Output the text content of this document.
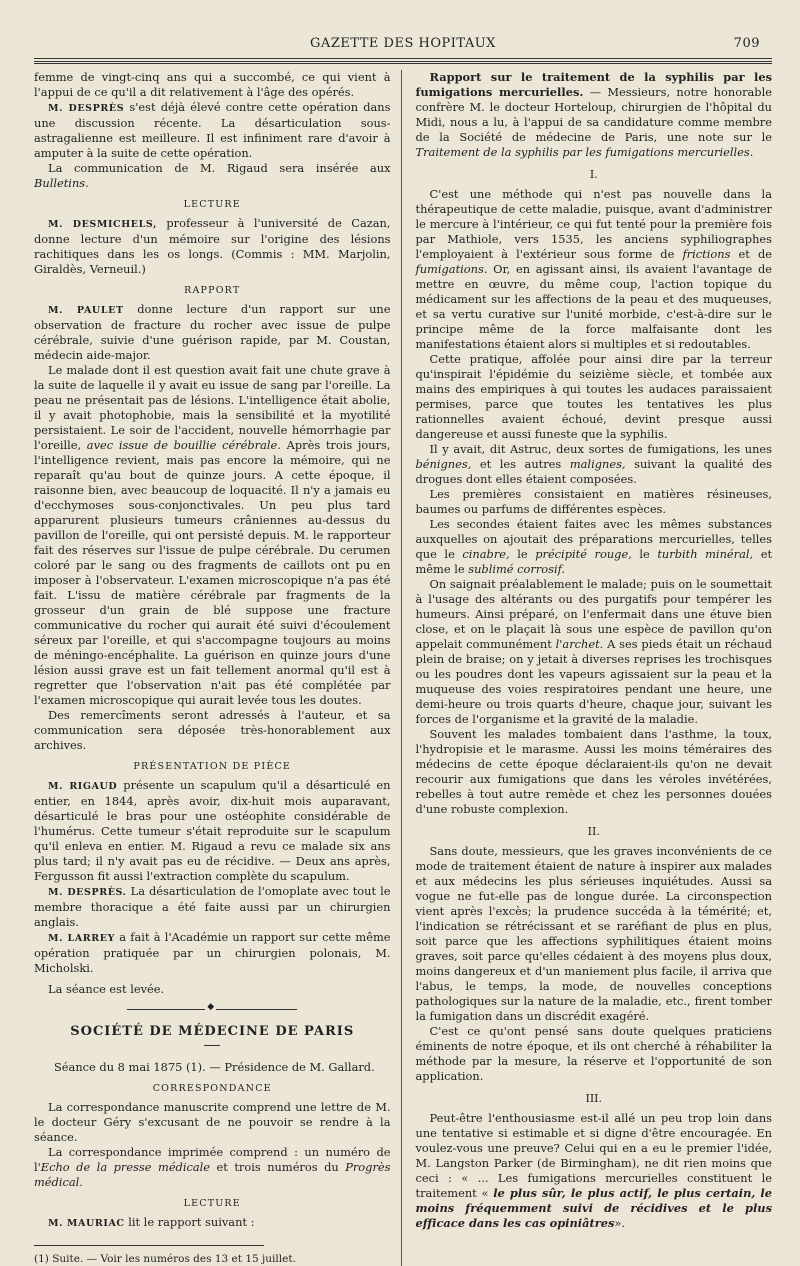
GAZETTE DES HOPITAUX	709

femme de vingt-cinq ans qui a succombé, ce qui vient à l'appui de ce qu'il a dit relativement à l'âge des opérés.

M. DESPRÈS s'est déjà élevé contre cette opération dans une discussion récente. La désarticulation sous-astragalienne est meilleure. Il est infiniment rare d'avoir à amputer à la suite de cette opération.

La communication de M. Rigaud sera insérée aux Bulletins.

LECTURE

M. DESMICHELS, professeur à l'université de Cazan, donne lecture d'un mémoire sur l'origine des lésions rachitiques dans les os longs. (Commis : MM. Marjolin, Giraldès, Verneuil.)

RAPPORT

M. PAULET donne lecture d'un rapport sur une observation de fracture du rocher avec issue de pulpe cérébrale, suivie d'une guérison rapide, par M. Coustan, médecin aide-major.

Le malade dont il est question avait fait une chute grave à la suite de laquelle il y avait eu issue de sang par l'oreille. La peau ne présentait pas de lésions. L'intelligence était abolie, il y avait photophobie, mais la sensibilité et la myotilité persistaient. Le soir de l'accident, nouvelle hémorrhagie par l'oreille, avec issue de bouillie cérébrale. Après trois jours, l'intelligence revient, mais pas encore la mémoire, qui ne reparaît qu'au bout de quinze jours. A cette époque, il raisonne bien, avec beaucoup de loquacité. Il n'y a jamais eu d'ecchymoses sous-conjonctivales. Un peu plus tard apparurent plusieurs tumeurs crâniennes au-dessus du pavillon de l'oreille, qui ont persisté depuis. M. le rapporteur fait des réserves sur l'issue de pulpe cérébrale. Du cerumen coloré par le sang ou des fragments de caillots ont pu en imposer à l'observateur. L'examen microscopique n'a pas été fait. L'issu de matière cérébrale par fragments de la grosseur d'un grain de blé suppose une fracture communicative du rocher qui aurait été suivi d'écoulement séreux par l'oreille, et qui s'accompagne toujours au moins de méningo-encéphalite. La guérison en quinze jours d'une lésion aussi grave est un fait tellement anormal qu'il est à regretter que l'observation n'ait pas été complétée par l'examen microscopique qui aurait levée tous les doutes.

Des remercîments seront adressés à l'auteur, et sa communication sera déposée très-honorablement aux archives.

PRÉSENTATION DE PIÈCE

M. RIGAUD présente un scapulum qu'il a désarticulé en entier, en 1844, après avoir, dix-huit mois auparavant, désarticulé le bras pour une ostéophite considérable de l'humérus. Cette tumeur s'était reproduite sur le scapulum qu'il enleva en entier. M. Rigaud a revu ce malade six ans plus tard; il n'y avait pas eu de récidive. — Deux ans après, Fergusson fit aussi l'extraction complète du scapulum.

M. DESPRÈS. La désarticulation de l'omoplate avec tout le membre thoracique a été faite aussi par un chirurgien anglais.

M. LARREY a fait à l'Académie un rapport sur cette même opération pratiquée par un chirurgien polonais, M. Micholski.

La séance est levée.

◆
SOCIÉTÉ DE MÉDECINE DE PARIS

Séance du 8 mai 1875 (1). — Présidence de M. Gallard.

CORRESPONDANCE

La correspondance manuscrite comprend une lettre de M. le docteur Géry s'excusant de ne pouvoir se rendre à la séance.

La correspondance imprimée comprend : un numéro de l'Echo de la presse médicale et trois numéros du Progrès médical.

LECTURE

M. MAURIAC lit le rapport suivant :

(1) Suite. — Voir les numéros des 13 et 15 juillet.

Rapport sur le traitement de la syphilis par les fumigations mercurielles. — Messieurs, notre honorable confrère M. le docteur Horteloup, chirurgien de l'hôpital du Midi, nous a lu, à l'appui de sa candidature comme membre de la Société de médecine de Paris, une note sur le Traitement de la syphilis par les fumigations mercurielles.

I.

C'est une méthode qui n'est pas nouvelle dans la thérapeutique de cette maladie, puisque, avant d'administrer le mercure à l'intérieur, ce qui fut tenté pour la première fois par Mathiole, vers 1535, les anciens syphiliographes l'employaient à l'extérieur sous forme de frictions et de fumigations. Or, en agissant ainsi, ils avaient l'avantage de mettre en œuvre, du même coup, l'action topique du médicament sur les affections de la peau et des muqueuses, et sa vertu curative sur l'unité morbide, c'est-à-dire sur le principe même de la force malfaisante dont les manifestations étaient alors si multiples et si redoutables.

Cette pratique, affolée pour ainsi dire par la terreur qu'inspirait l'épidémie du seizième siècle, et tombée aux mains des empiriques à qui toutes les audaces paraissaient permises, parce que toutes les tentatives les plus rationnelles avaient échoué, devint presque aussi dangereuse et aussi funeste que la syphilis.

Il y avait, dit Astruc, deux sortes de fumigations, les unes bénignes, et les autres malignes, suivant la qualité des drogues dont elles étaient composées.

Les premières consistaient en matières résineuses, baumes ou parfums de différentes espèces.

Les secondes étaient faites avec les mêmes substances auxquelles on ajoutait des préparations mercurielles, telles que le cinabre, le précipité rouge, le turbith minéral, et même le sublimé corrosif.

On saignait préalablement le malade; puis on le soumettait à l'usage des altérants ou des purgatifs pour tempérer les humeurs. Ainsi préparé, on l'enfermait dans une étuve bien close, et on le plaçait là sous une espèce de pavillon qu'on appelait communément l'archet. A ses pieds était un réchaud plein de braise; on y jetait à diverses reprises les trochisques ou les poudres dont les vapeurs agissaient sur la peau et la muqueuse des voies respiratoires pendant une heure, une demi-heure ou trois quarts d'heure, chaque jour, suivant les forces de l'organisme et la gravité de la maladie.

Souvent les malades tombaient dans l'asthme, la toux, l'hydropisie et le marasme. Aussi les moins téméraires des médecins de cette époque déclaraient-ils qu'on ne devait recourir aux fumigations que dans les véroles invétérées, rebelles à tout autre remède et chez les personnes douées d'une robuste complexion.

II.

Sans doute, messieurs, que les graves inconvénients de ce mode de traitement étaient de nature à inspirer aux malades et aux médecins les plus sérieuses inquiétudes. Aussi sa vogue ne fut-elle pas de longue durée. La circonspection vient après l'excès; la prudence succéda à la témérité; et, l'indication se rétrécissant et se raréfiant de plus en plus, soit parce que les affections syphilitiques étaient moins graves, soit parce qu'elles cédaient à des moyens plus doux, moins dangereux et d'un maniement plus facile, il arriva que l'abus, le temps, la mode, de nouvelles conceptions pathologiques sur la nature de la maladie, etc., firent tomber la fumigation dans un discrédit exagéré.

C'est ce qu'ont pensé sans doute quelques praticiens éminents de notre époque, et ils ont cherché à réhabiliter la méthode par la mesure, la réserve et l'opportunité de son application.

III.

Peut-être l'enthousiasme est-il allé un peu trop loin dans une tentative si estimable et si digne d'être encouragée. En voulez-vous une preuve? Celui qui en a eu le premier l'idée, M. Langston Parker (de Birmingham), ne dit rien moins que ceci : « ... Les fumigations mercurielles constituent le traitement « le plus sûr, le plus actif, le plus certain, le moins fréquemment suivi de récidives et le plus efficace dans les cas opiniâtres».
